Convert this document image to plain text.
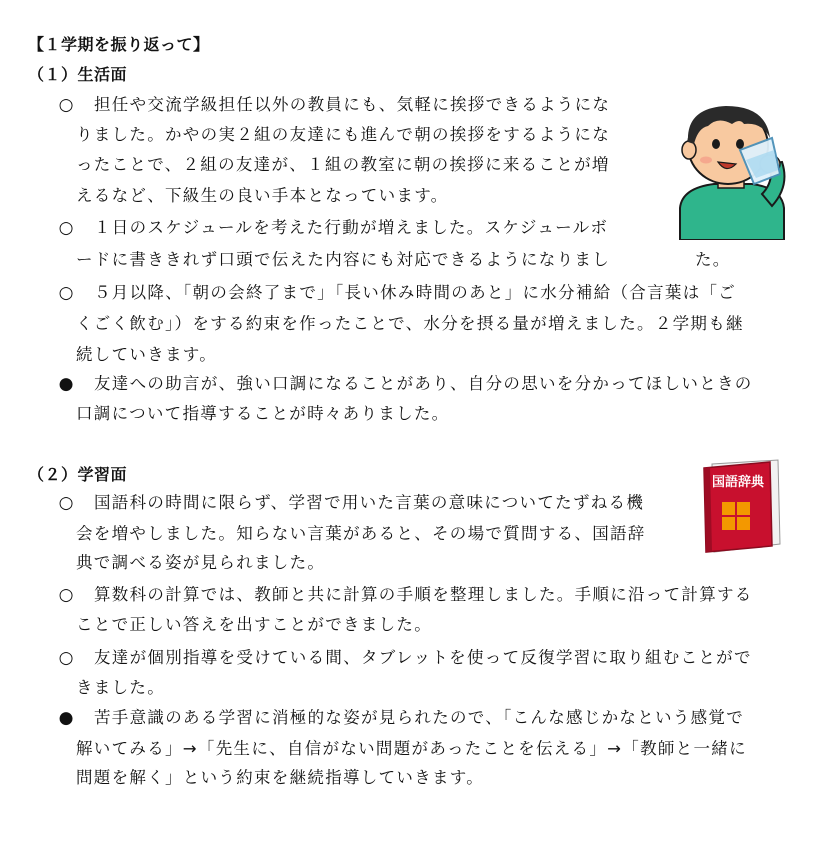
【１学期を振り返って】
（１）生活面
○ 担任や交流学級担任以外の教員にも、気軽に挨拶できるようにな
りました。かやの実２組の友達にも進んで朝の挨拶をするようにな
ったことで、２組の友達が、１組の教室に朝の挨拶に来ることが増
えるなど、下級生の良い手本となっています。
○ １日のスケジュールを考えた行動が増えました。スケジュールボ
ードに書ききれず口頭で伝えた内容にも対応できるようになりまし	た。
○ ５月以降、「朝の会終了まで」「長い休み時間のあと」に水分補給（合言葉は「ご
くごく飲む」）をする約束を作ったことで、水分を摂る量が増えました。２学期も継
続していきます。
● 友達への助言が、強い口調になることがあり、自分の思いを分かってほしいときの
口調について指導することが時々ありました。
（２）学習面
○ 国語科の時間に限らず、学習で用いた言葉の意味についてたずねる機
会を増やしました。知らない言葉があると、その場で質問する、国語辞
典で調べる姿が見られました。
○ 算数科の計算では、教師と共に計算の手順を整理しました。手順に沿って計算する
ことで正しい答えを出すことができました。
○ 友達が個別指導を受けている間、タブレットを使って反復学習に取り組むことがで
きました。
● 苦手意識のある学習に消極的な姿が見られたので、「こんな感じかなという感覚で
解いてみる」→「先生に、自信がない問題があったことを伝える」→「教師と一緒に
問題を解く」という約束を継続指導していきます。
国語辞典
